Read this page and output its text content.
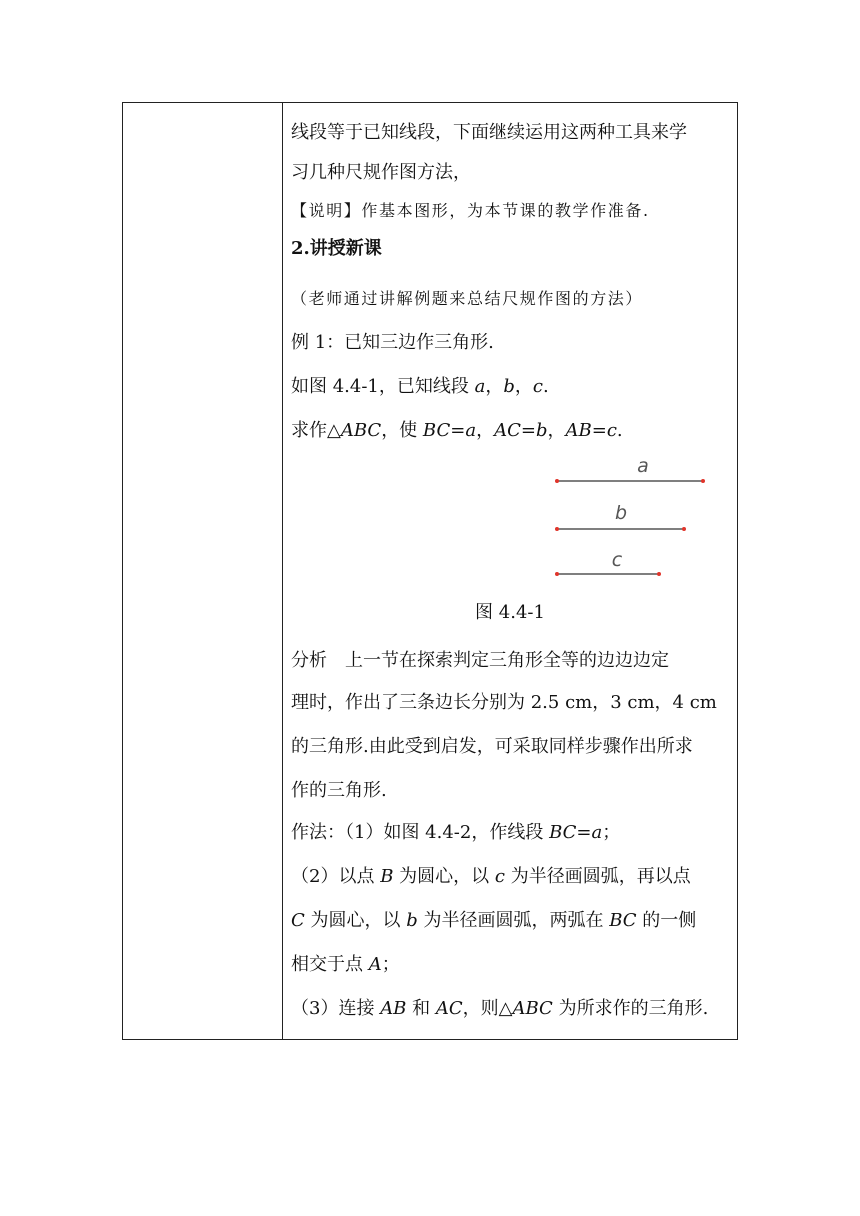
线段等于已知线段，下面继续运用这两种工具来学
习几种尺规作图方法，
【说明】作基本图形，为本节课的教学作准备.
2.讲授新课
（老师通过讲解例题来总结尺规作图的方法）
例 1：已知三边作三角形.
如图 4.4-1，已知线段 a，b，c.
求作△ABC，使 BC=a，AC=b，AB=c.
a
b
c
图 4.4-1
分析　上一节在探索判定三角形全等的边边边定
理时，作出了三条边长分别为 2.5 cm，3 cm，4 cm
的三角形.由此受到启发，可采取同样步骤作出所求
作的三角形.
作法：（1）如图 4.4-2，作线段 BC=a；
（2）以点 B 为圆心，以 c 为半径画圆弧，再以点
C 为圆心，以 b 为半径画圆弧，两弧在 BC 的一侧
相交于点 A；
（3）连接 AB 和 AC，则△ABC 为所求作的三角形.
